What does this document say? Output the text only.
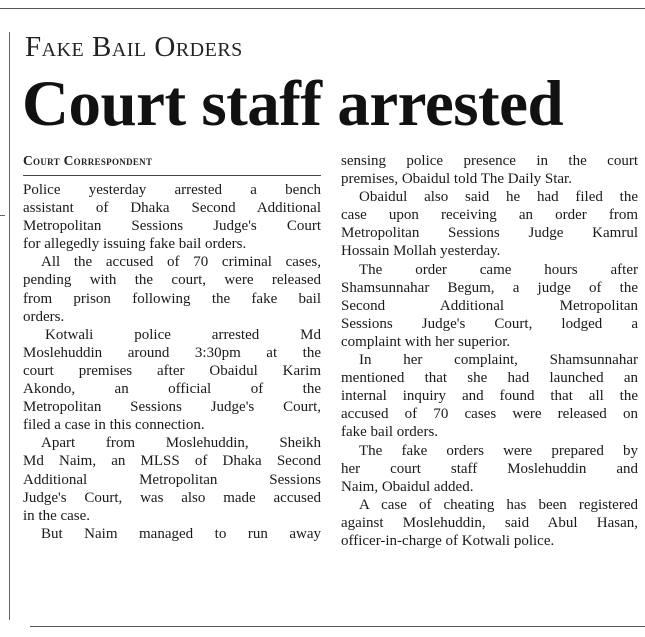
Fake Bail Orders
Court staff arrested
Court Correspondent
Police yesterday arrested a bench
assistant of Dhaka Second Additional
Metropolitan Sessions Judge's Court
for allegedly issuing fake bail orders.
All the accused of 70 criminal cases,
pending with the court, were released
from prison following the fake bail
orders.
Kotwali police arrested Md
Moslehuddin around 3:30pm at the
court premises after Obaidul Karim
Akondo, an official of the
Metropolitan Sessions Judge's Court,
filed a case in this connection.
Apart from Moslehuddin, Sheikh
Md Naim, an MLSS of Dhaka Second
Additional Metropolitan Sessions
Judge's Court, was also made accused
in the case.
But Naim managed to run away
sensing police presence in the court
premises, Obaidul told The Daily Star.
Obaidul also said he had filed the
case upon receiving an order from
Metropolitan Sessions Judge Kamrul
Hossain Mollah yesterday.
The order came hours after
Shamsunnahar Begum, a judge of the
Second Additional Metropolitan
Sessions Judge's Court, lodged a
complaint with her superior.
In her complaint, Shamsunnahar
mentioned that she had launched an
internal inquiry and found that all the
accused of 70 cases were released on
fake bail orders.
The fake orders were prepared by
her court staff Moslehuddin and
Naim, Obaidul added.
A case of cheating has been registered
against Moslehuddin, said Abul Hasan,
officer-in-charge of Kotwali police.
